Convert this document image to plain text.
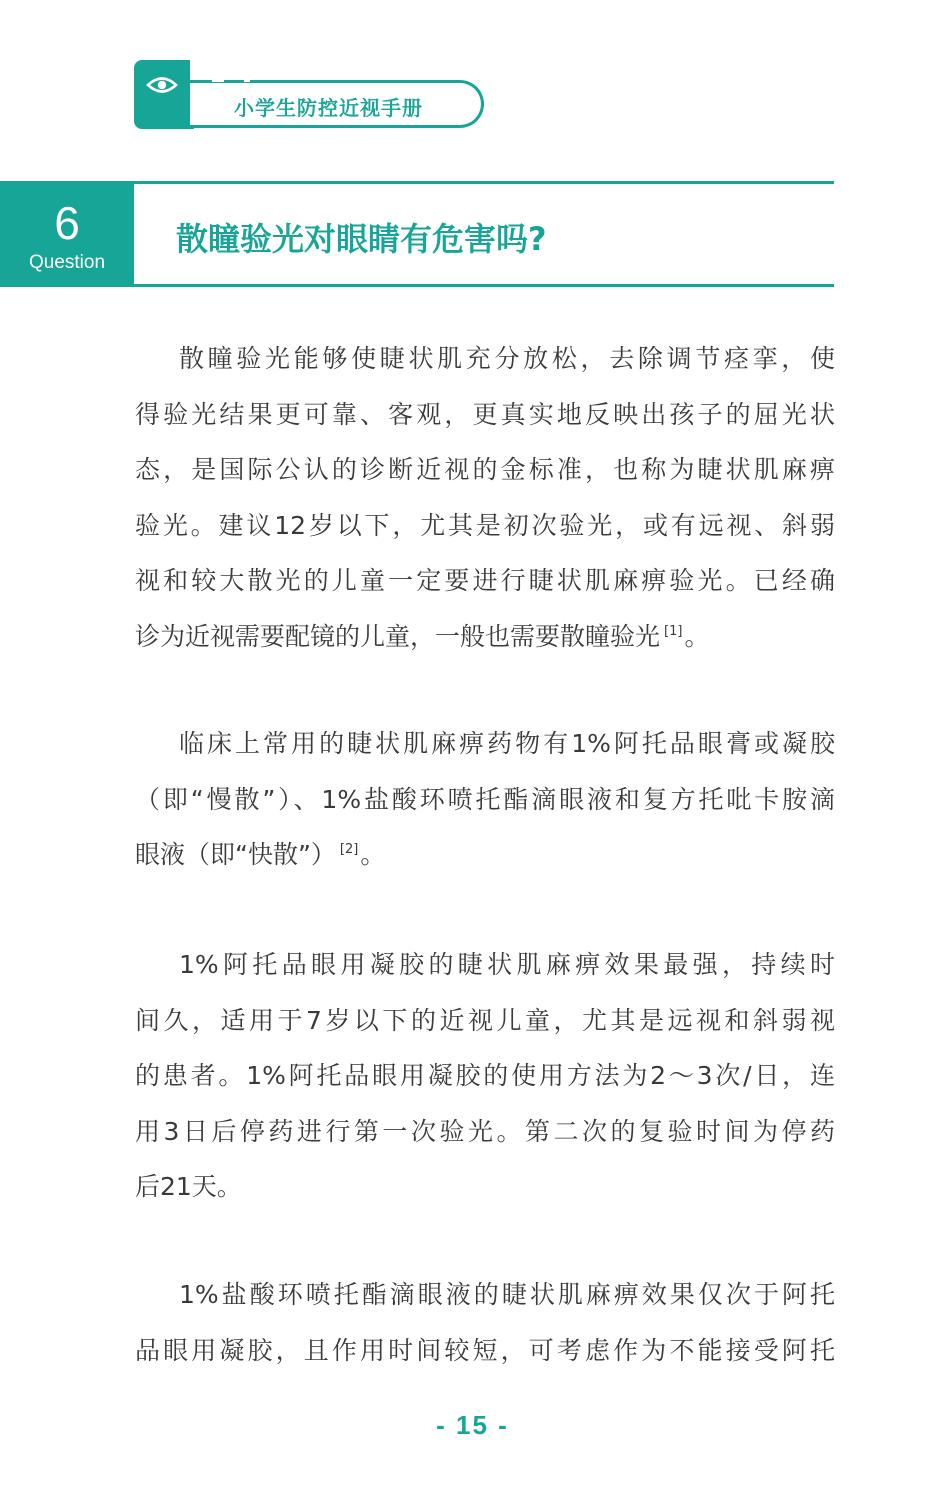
小学生防控近视手册
6
Question
散瞳验光对眼睛有危害吗?
散瞳验光能够使睫状肌充分放松，去除调节痉挛，使
得验光结果更可靠、客观，更真实地反映出孩子的屈光状
态，是国际公认的诊断近视的金标准，也称为睫状肌麻痹
验光。建议12岁以下，尤其是初次验光，或有远视、斜弱
视和较大散光的儿童一定要进行睫状肌麻痹验光。已经确
诊为近视需要配镜的儿童，一般也需要散瞳验光 [1]。
临床上常用的睫状肌麻痹药物有1%阿托品眼膏或凝胶
（即“慢散”）、1%盐酸环喷托酯滴眼液和复方托吡卡胺滴
眼液（即“快散”） [2]。
1%阿托品眼用凝胶的睫状肌麻痹效果最强，持续时
间久，适用于7岁以下的近视儿童，尤其是远视和斜弱视
的患者。1%阿托品眼用凝胶的使用方法为2～3次/日，连
用3日后停药进行第一次验光。第二次的复验时间为停药
后21天。
1%盐酸环喷托酯滴眼液的睫状肌麻痹效果仅次于阿托
品眼用凝胶，且作用时间较短，可考虑作为不能接受阿托
- 15 -
